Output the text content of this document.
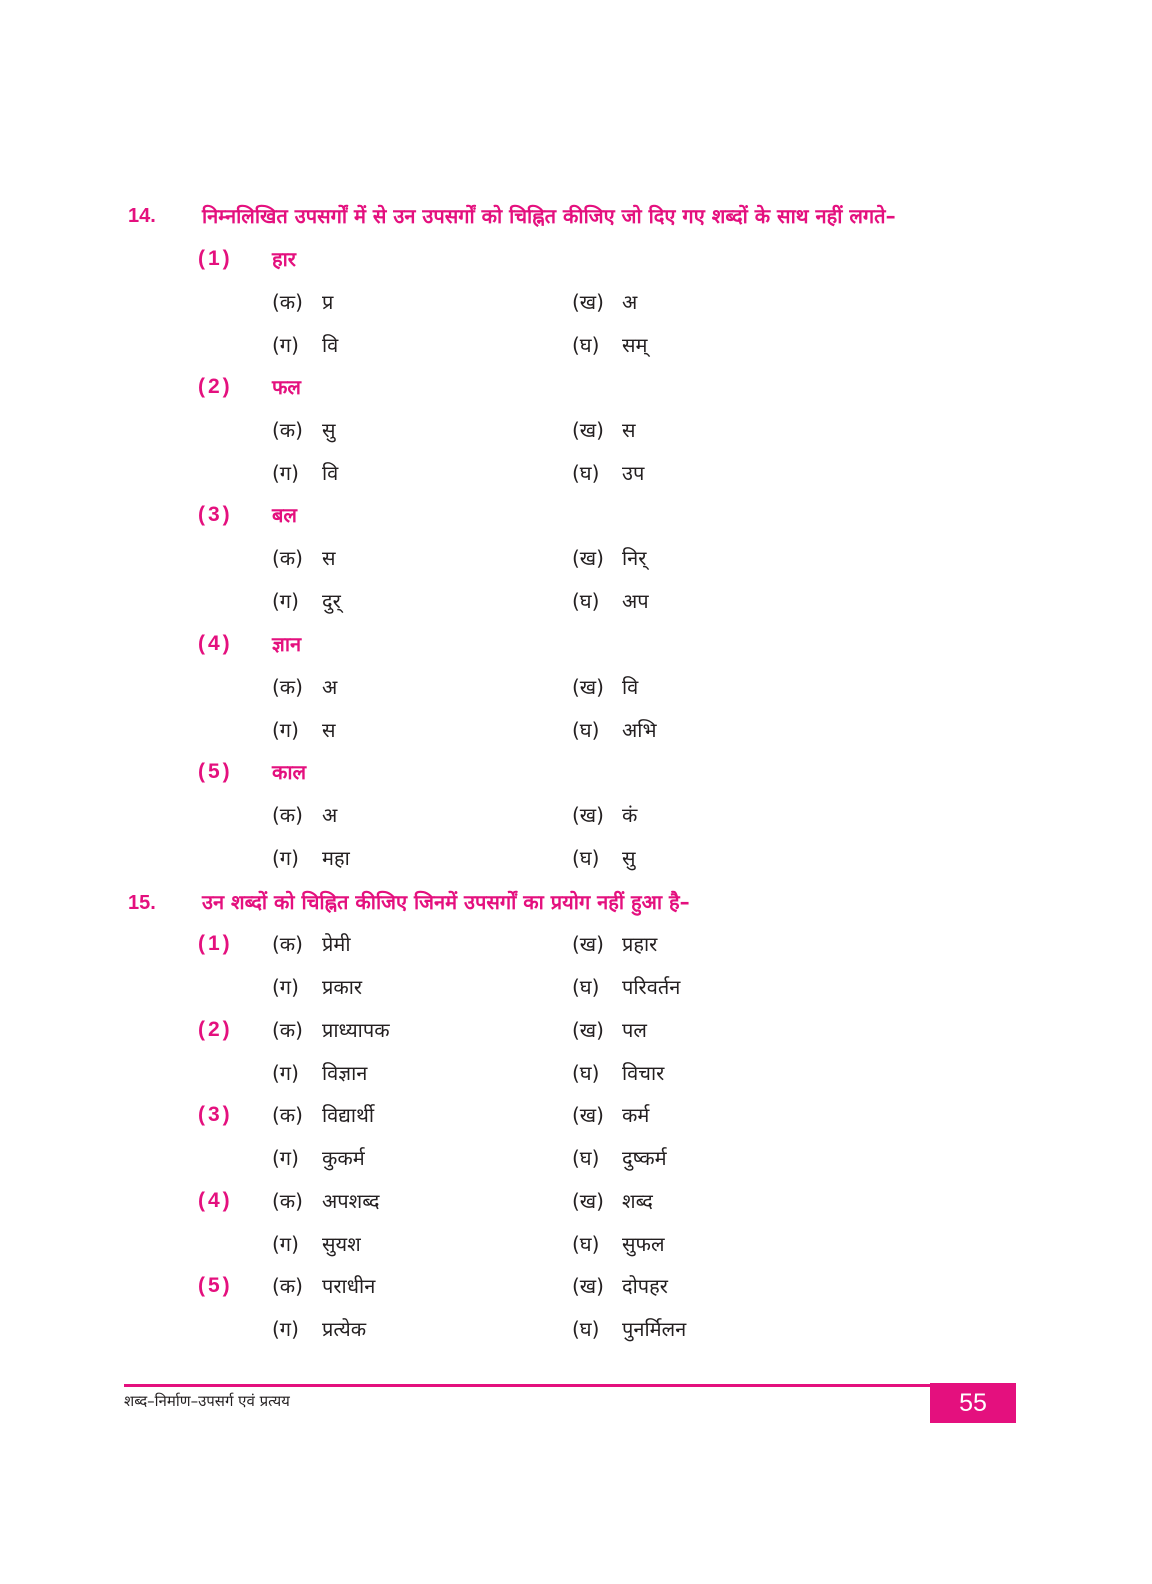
14. निम्नलिखित उपसर्गों में से उन उपसर्गों को चिह्नित कीजिए जो दिए गए शब्दों के साथ नहीं लगते–
(1) हार
(क) प्र	(ख) अ
(ग) वि	(घ) सम्
(2) फल
(क) सु	(ख) स
(ग) वि	(घ) उप
(3) बल
(क) स	(ख) निर्
(ग) दुर्	(घ) अप
(4) ज्ञान
(क) अ	(ख) वि
(ग) स	(घ) अभि
(5) काल
(क) अ	(ख) कं
(ग) महा	(घ) सु
15. उन शब्दों को चिह्नित कीजिए जिनमें उपसर्गों का प्रयोग नहीं हुआ है–
(1) (क) प्रेमी	(ख) प्रहार
(ग) प्रकार	(घ) परिवर्तन
(2) (क) प्राध्यापक	(ख) पल
(ग) विज्ञान	(घ) विचार
(3) (क) विद्यार्थी	(ख) कर्म
(ग) कुकर्म	(घ) दुष्कर्म
(4) (क) अपशब्द	(ख) शब्द
(ग) सुयश	(घ) सुफल
(5) (क) पराधीन	(ख) दोपहर
(ग) प्रत्येक	(घ) पुनर्मिलन
शब्द–निर्माण–उपसर्ग एवं प्रत्यय	55
